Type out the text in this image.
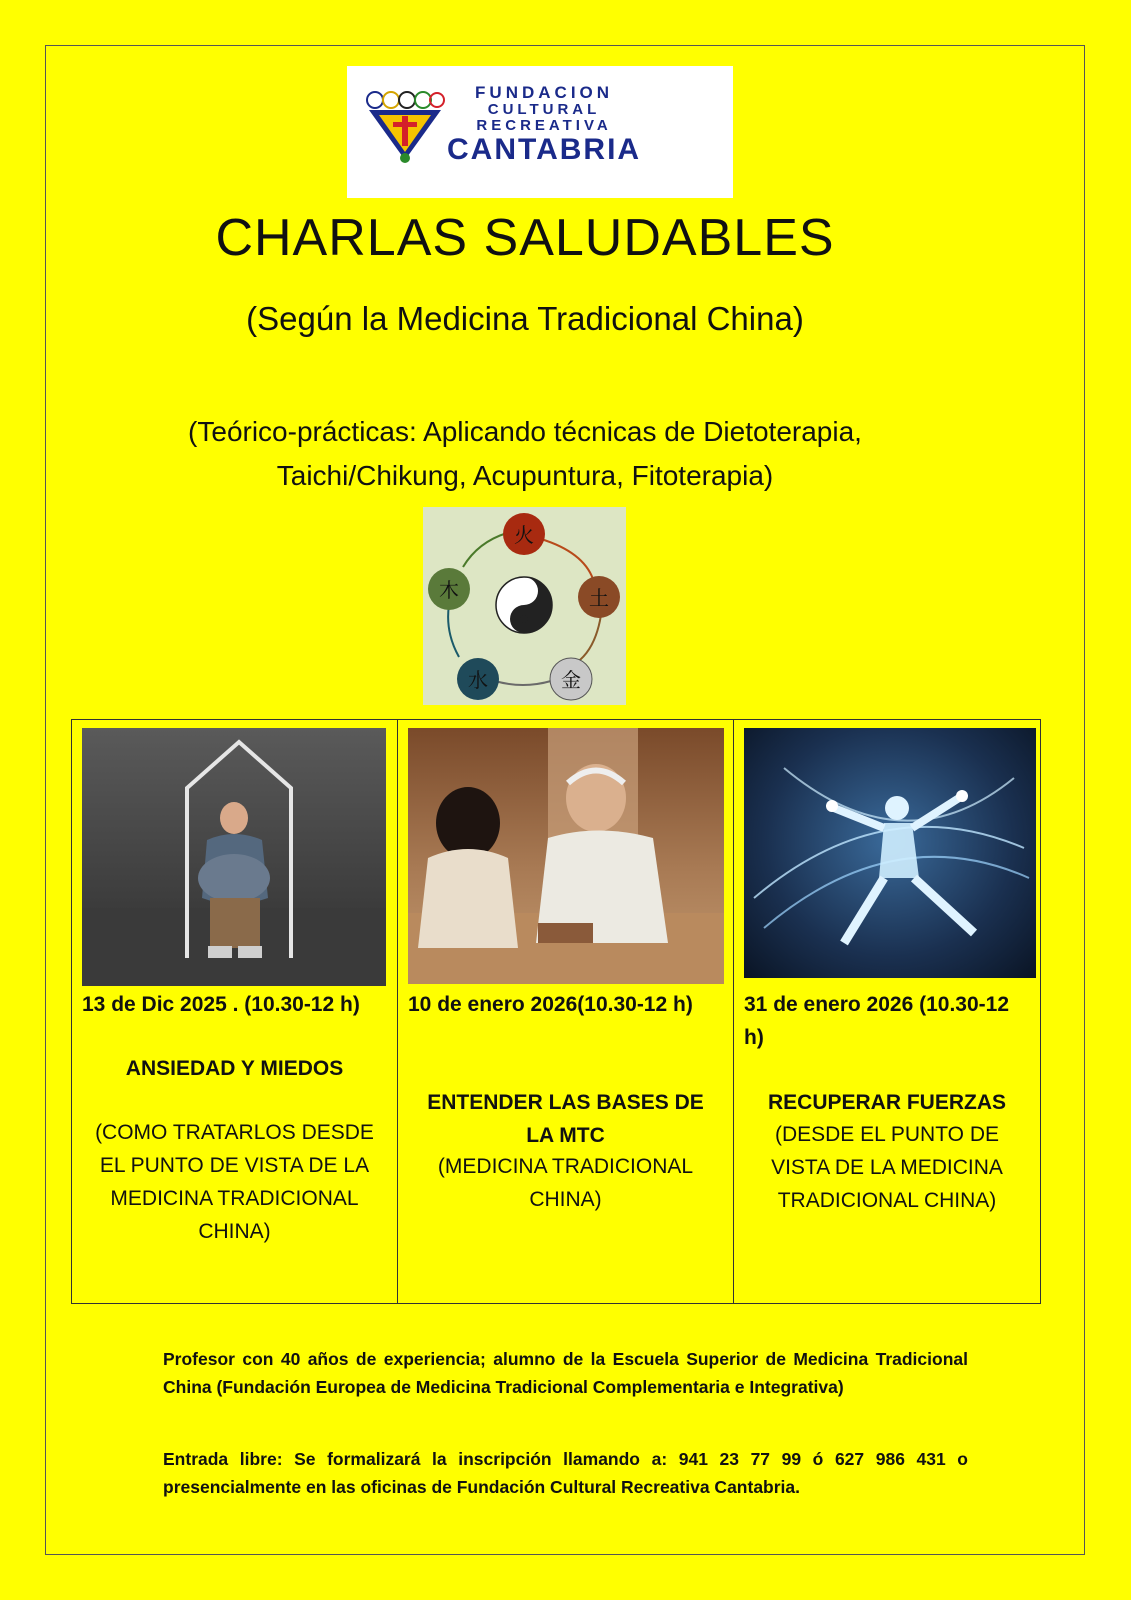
FUNDACION
CULTURAL
RECREATIVA
CANTABRIA
CHARLAS SALUDABLES
(Según la Medicina Tradicional China)
(Teórico-prácticas: Aplicando técnicas de Dietoterapia,
Taichi/Chikung, Acupuntura, Fitoterapia)
火
土
金
水
木
13 de Dic 2025 . (10.30-12 h)
ANSIEDAD Y MIEDOS
(COMO TRATARLOS DESDE EL PUNTO DE VISTA DE LA MEDICINA TRADICIONAL CHINA)
10 de enero 2026(10.30-12 h)
ENTENDER LAS BASES DE LA MTC
(MEDICINA TRADICIONAL CHINA)
31 de enero 2026 (10.30-12 h)
RECUPERAR FUERZAS
(DESDE EL PUNTO DE VISTA DE LA MEDICINA TRADICIONAL CHINA)
Profesor con 40 años de experiencia; alumno de la Escuela Superior de Medicina Tradicional China (Fundación Europea de Medicina Tradicional Complementaria e Integrativa)
Entrada libre: Se formalizará la inscripción llamando a: 941 23 77 99 ó 627 986 431 o presencialmente en las oficinas de Fundación Cultural Recreativa Cantabria.
